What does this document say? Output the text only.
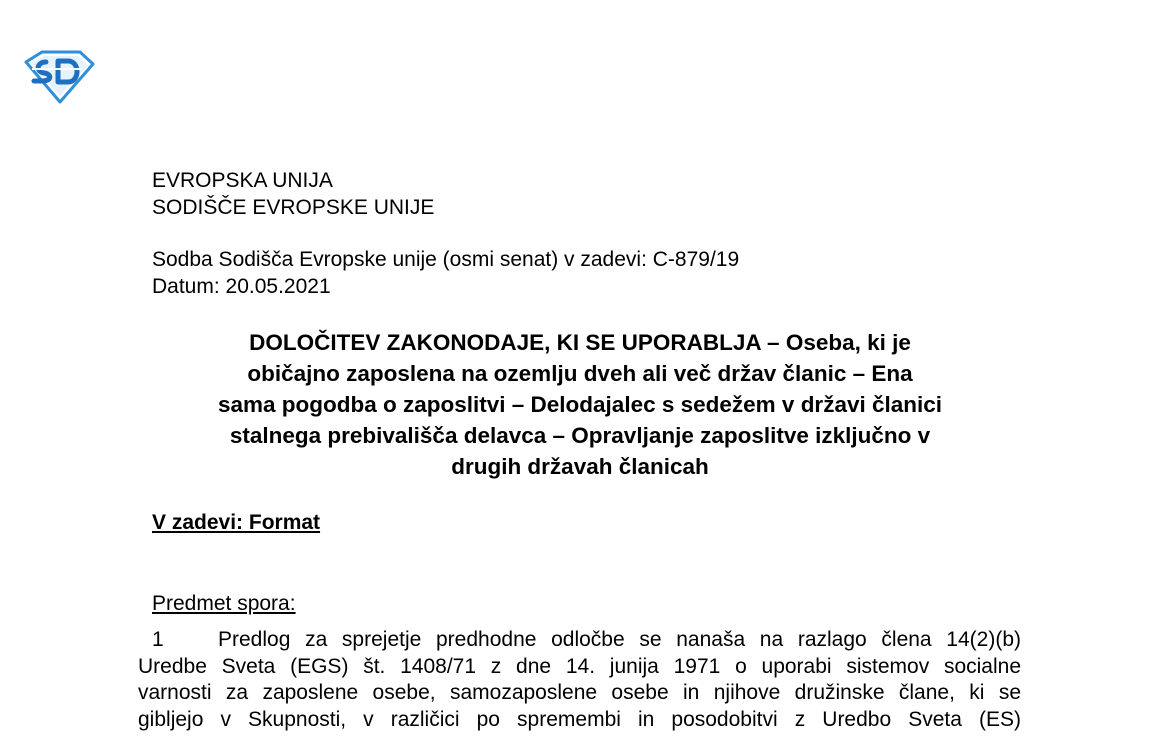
EVROPSKA UNIJA
SODIŠČE EVROPSKE UNIJE
Sodba Sodišča Evropske unije (osmi senat) v zadevi: C-879/19
Datum: 20.05.2021
DOLOČITEV ZAKONODAJE, KI SE UPORABLJA – Oseba, ki je
običajno zaposlena na ozemlju dveh ali več držav članic – Ena
sama pogodba o zaposlitvi – Delodajalec s sedežem v državi članici
stalnega prebivališča delavca – Opravljanje zaposlitve izključno v
drugih državah članicah
V zadevi: Format
Predmet spora:
1	Predlog za sprejetje predhodne odločbe se nanaša na razlago člena 14(2)(b)
Uredbe Sveta (EGS) št. 1408/71 z dne 14. junija 1971 o uporabi sistemov socialne
varnosti za zaposlene osebe, samozaposlene osebe in njihove družinske člane, ki se
gibljejo v Skupnosti, v različici po spremembi in posodobitvi z Uredbo Sveta (ES)
